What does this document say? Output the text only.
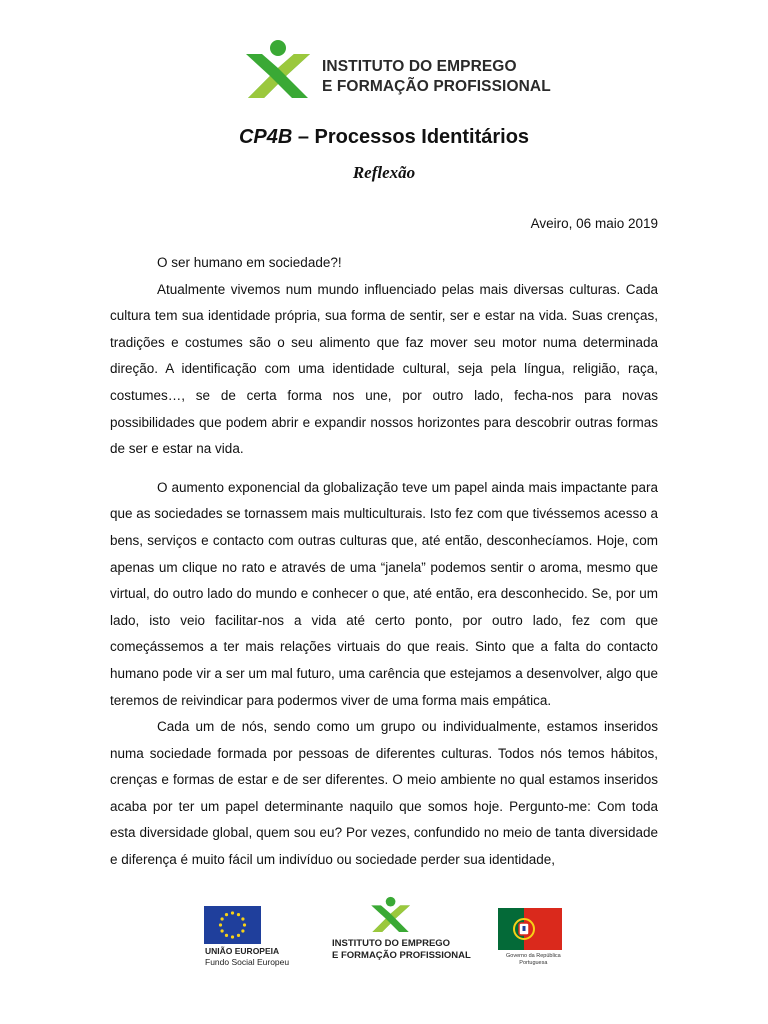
INSTITUTO DO EMPREGO
E FORMAÇÃO PROFISSIONAL
CP4B – Processos Identitários
Reflexão
Aveiro, 06 maio 2019

O ser humano em sociedade?!

Atualmente vivemos num mundo influenciado pelas mais diversas culturas. Cada cultura tem sua identidade própria, sua forma de sentir, ser e estar na vida. Suas crenças, tradições e costumes são o seu alimento que faz mover seu motor numa determinada direção. A identificação com uma identidade cultural, seja pela língua, religião, raça, costumes…, se de certa forma nos une, por outro lado, fecha-nos para novas possibilidades que podem abrir e expandir nossos horizontes para descobrir outras formas de ser e estar na vida.

O aumento exponencial da globalização teve um papel ainda mais impactante para que as sociedades se tornassem mais multiculturais. Isto fez com que tivéssemos acesso a bens, serviços e contacto com outras culturas que, até então, desconhecíamos. Hoje, com apenas um clique no rato e através de uma “janela” podemos sentir o aroma, mesmo que virtual, do outro lado do mundo e conhecer o que, até então, era desconhecido. Se, por um lado, isto veio facilitar-nos a vida até certo ponto, por outro lado, fez com que começássemos a ter mais relações virtuais do que reais. Sinto que a falta do contacto humano pode vir a ser um mal futuro, uma carência que estejamos a desenvolver, algo que teremos de reivindicar para podermos viver de uma forma mais empática.

Cada um de nós, sendo como um grupo ou individualmente, estamos inseridos numa sociedade formada por pessoas de diferentes culturas. Todos nós temos hábitos, crenças e formas de estar e de ser diferentes. O meio ambiente no qual estamos inseridos acaba por ter um papel determinante naquilo que somos hoje. Pergunto-me: Com toda esta diversidade global, quem sou eu? Por vezes, confundido no meio de tanta diversidade e diferença é muito fácil um indivíduo ou sociedade perder sua identidade,

UNIÃO EUROPEIA
Fundo Social Europeu
INSTITUTO DO EMPREGO
E FORMAÇÃO PROFISSIONAL	Governo da República
Portuguesa
